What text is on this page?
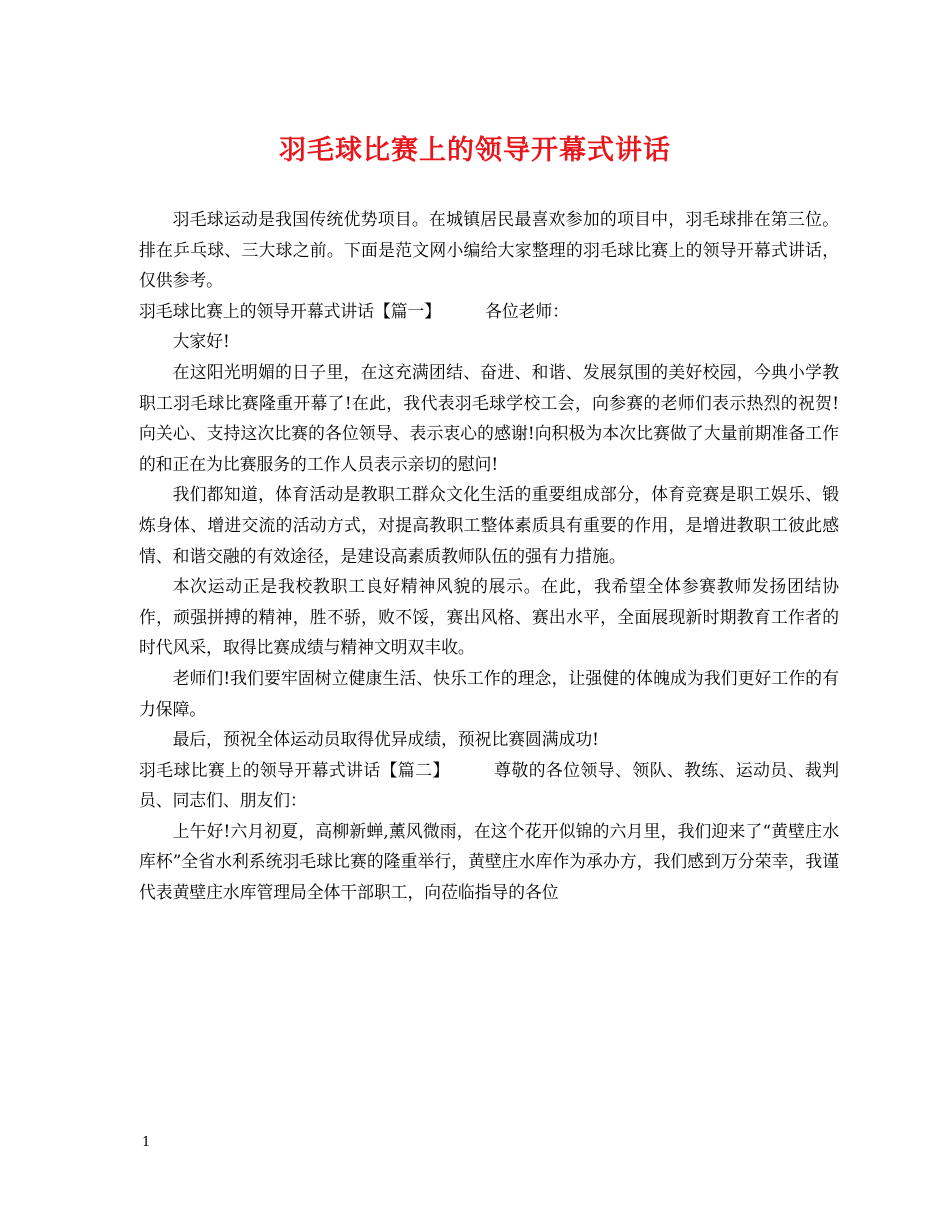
羽毛球比赛上的领导开幕式讲话

羽毛球运动是我国传统优势项目。在城镇居民最喜欢参加的项目中，羽毛球排在第三位。排在乒乓球、三大球之前。下面是范文网小编给大家整理的羽毛球比赛上的领导开幕式讲话，仅供参考。

羽毛球比赛上的领导开幕式讲话【篇一】	各位老师：

大家好!

在这阳光明媚的日子里，在这充满团结、奋进、和谐、发展氛围的美好校园，今典小学教职工羽毛球比赛隆重开幕了!在此，我代表羽毛球学校工会，向参赛的老师们表示热烈的祝贺!向关心、支持这次比赛的各位领导、表示衷心的感谢!向积极为本次比赛做了大量前期准备工作的和正在为比赛服务的工作人员表示亲切的慰问!

我们都知道，体育活动是教职工群众文化生活的重要组成部分，体育竞赛是职工娱乐、锻炼身体、增进交流的活动方式，对提高教职工整体素质具有重要的作用，是增进教职工彼此感情、和谐交融的有效途径，是建设高素质教师队伍的强有力措施。

本次运动正是我校教职工良好精神风貌的展示。在此，我希望全体参赛教师发扬团结协作，顽强拼搏的精神，胜不骄，败不馁，赛出风格、赛出水平，全面展现新时期教育工作者的时代风采，取得比赛成绩与精神文明双丰收。

老师们!我们要牢固树立健康生活、快乐工作的理念，让强健的体魄成为我们更好工作的有力保障。

最后，预祝全体运动员取得优异成绩，预祝比赛圆满成功!

羽毛球比赛上的领导开幕式讲话【篇二】	尊敬的各位领导、领队、教练、运动员、裁判员、同志们、朋友们：

上午好!六月初夏，高柳新蝉,薰风微雨，在这个花开似锦的六月里，我们迎来了“黄壁庄水库杯”全省水利系统羽毛球比赛的隆重举行，黄壁庄水库作为承办方，我们感到万分荣幸，我谨代表黄壁庄水库管理局全体干部职工，向莅临指导的各位

1
